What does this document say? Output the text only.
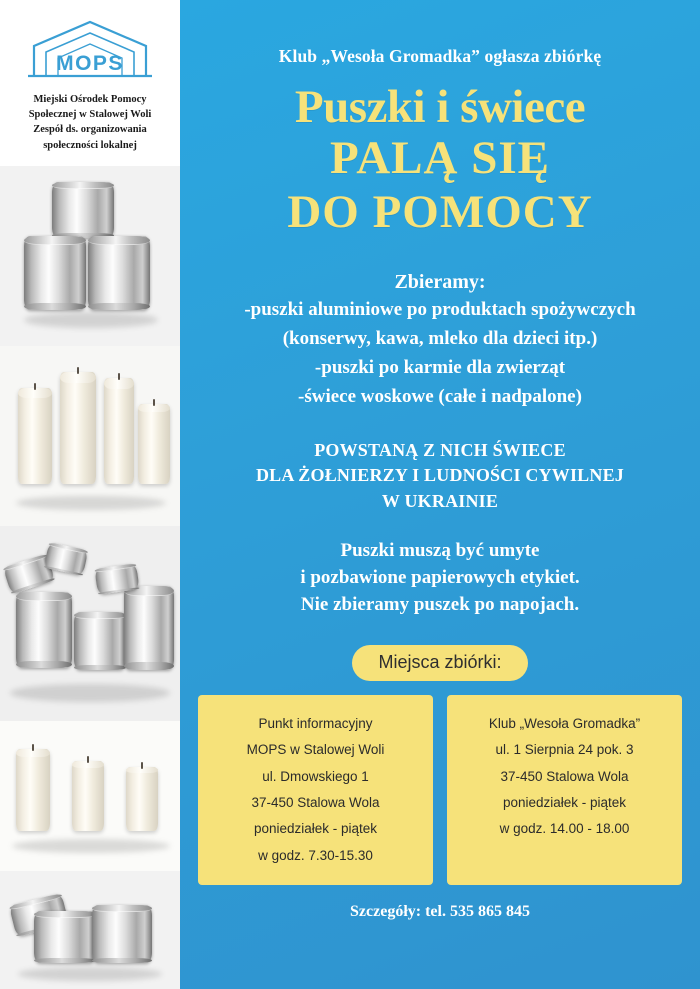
MOPS
Miejski Ośrodek Pomocy
Społecznej w Stalowej Woli
Zespół ds. organizowania
społeczności lokalnej
Klub „Wesoła Gromadka” ogłasza zbiórkę
Puszki i świece
PALĄ SIĘ
DO POMOCY
Zbieramy:
-puszki aluminiowe po produktach spożywczych
(konserwy, kawa, mleko dla dzieci itp.)
-puszki po karmie dla zwierząt
-świece woskowe (całe i nadpalone)
POWSTANĄ Z NICH ŚWIECE
DLA ŻOŁNIERZY I LUDNOŚCI CYWILNEJ
W UKRAINIE
Puszki muszą być umyte
i pozbawione papierowych etykiet.
Nie zbieramy puszek po napojach.
Miejsca zbiórki:
Punkt informacyjny
MOPS w Stalowej Woli
ul. Dmowskiego 1
37-450 Stalowa Wola
poniedziałek - piątek
w godz. 7.30-15.30
Klub „Wesoła Gromadka”
ul. 1 Sierpnia 24 pok. 3
37-450 Stalowa Wola
poniedziałek - piątek
w godz. 14.00 - 18.00
Szczegóły: tel. 535 865 845
